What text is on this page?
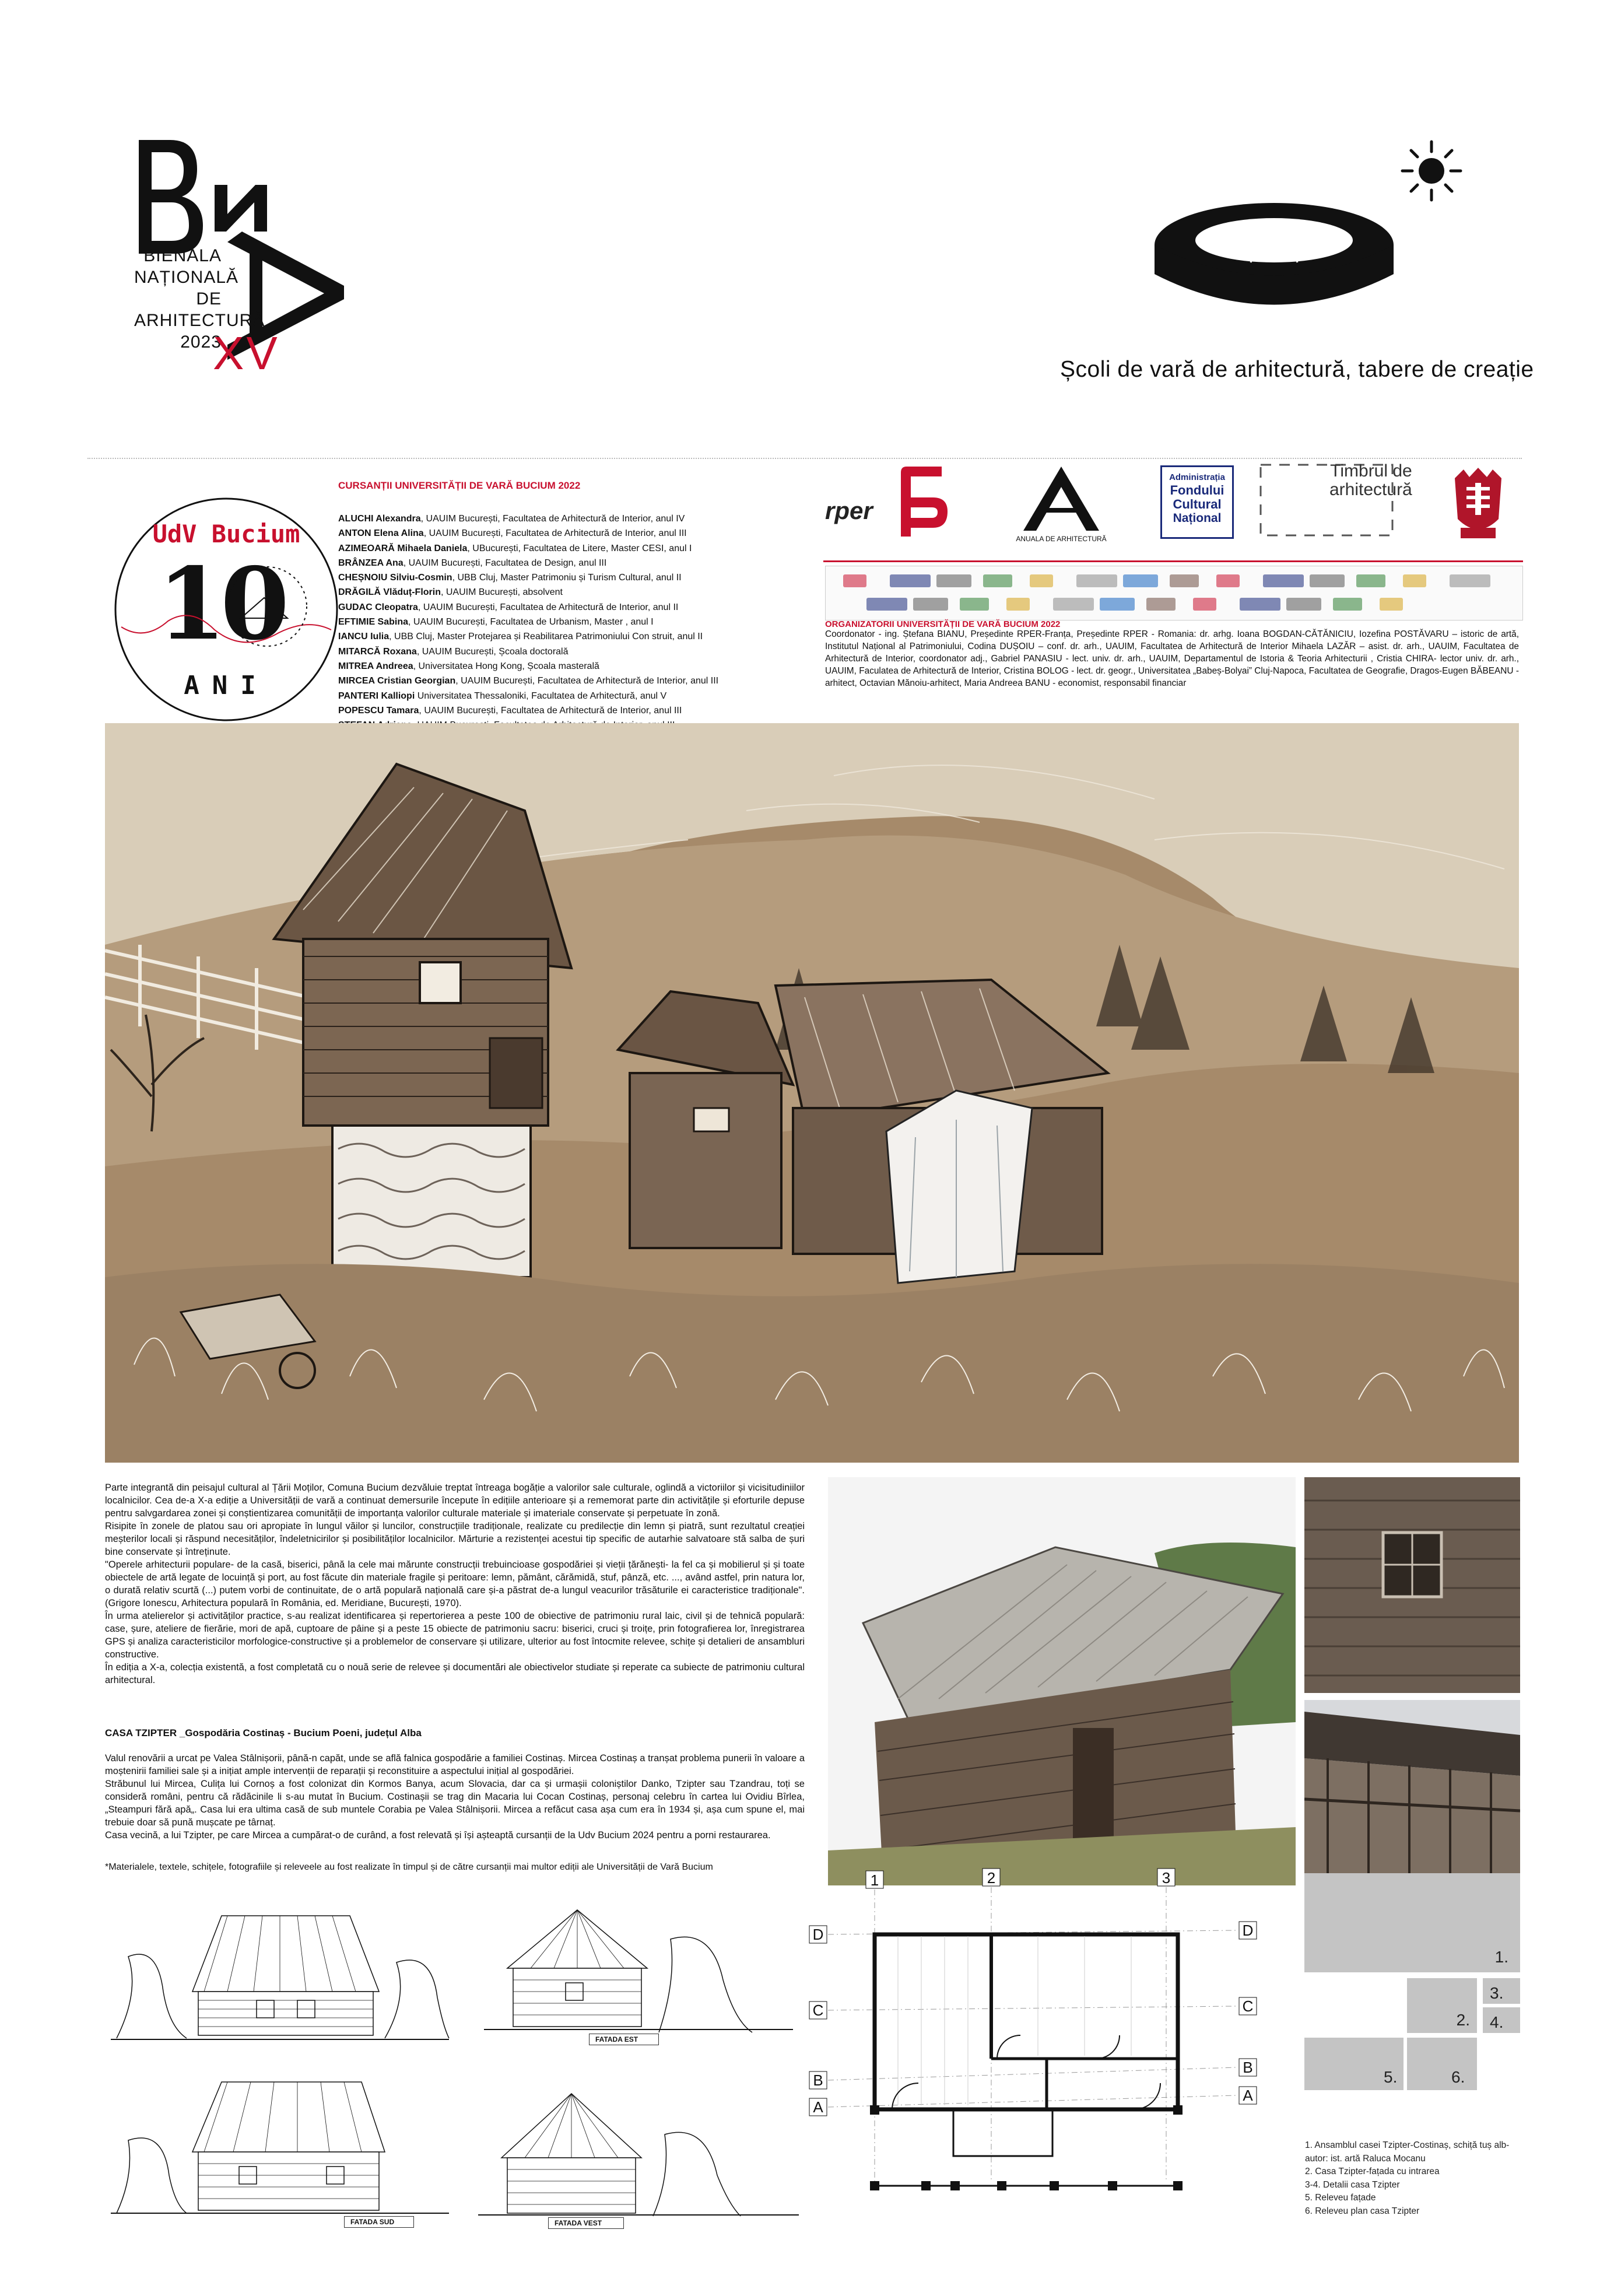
BIENALA
NAȚIONALĂ
DE
ARHITECTURĂ
2023
XV	Școli de vară de arhitectură, tabere de creație
UdV Bucium
10
ANI
CURSANȚII UNIVERSITĂȚII DE VARĂ BUCIUM 2022
ALUCHI Alexandra, UAUIM București, Facultatea de Arhitectură de Interior, anul IV
ANTON Elena Alina, UAUIM București, Facultatea de Arhitectură de Interior, anul III
AZIMEOARĂ Mihaela Daniela, UBucurești, Facultatea de Litere, Master CESI, anul I
BRÂNZEA Ana, UAUIM București, Facultatea de Design, anul III
CHEȘNOIU Silviu-Cosmin, UBB Cluj, Master Patrimoniu și Turism Cultural, anul II
DRĂGILĂ Vlăduț-Florin, UAUIM București, absolvent
GUDAC Cleopatra, UAUIM București, Facultatea de Arhitectură de Interior, anul II
EFTIMIE Sabina, UAUIM București, Facultatea de Urbanism, Master , anul I
IANCU Iulia, UBB Cluj, Master Protejarea și Reabilitarea Patrimoniului Con struit, anul II
MITARCĂ Roxana, UAUIM București, Școala doctorală
MITREA Andreea, Universitatea Hong Kong, Școala masterală
MIRCEA Cristian Georgian, UAUIM București, Facultatea de Arhitectură de Interior, anul III
PANTERI Kalliopi Universitatea Thessaloniki, Facultatea de Arhitectură, anul V
POPESCU Tamara, UAUIM București, Facultatea de Arhitectură de Interior, anul III
rper
ANUALA DE ARHITECTURĂ
Administrația
Fondului
Cultural
Național
Timbrul de
arhitectură
ORGANIZATORII UNIVERSITĂȚII DE VARĂ BUCIUM 2022
Coordonator - ing. Ștefana BIANU, Președinte RPER-Franța, Președinte RPER - Romania: dr. arhg. Ioana BOGDAN-CĂTĂNICIU, Iozefina POSTĂVARU – istoric de artă, Institutul Național al Patrimoniului, Codina DUȘOIU – conf. dr. arh., UAUIM, Facultatea de Arhitectură de Interior Mihaela LAZĂR – asist. dr. arh., UAUIM, Facultatea de Arhitectură de Interior, coordonator adj., Gabriel PANASIU - lect. univ. dr. arh., UAUIM, Departamentul de Istoria & Teoria Arhitecturii , Cristia CHIRA- lector univ. dr. arh., UAUIM, Faculatea de Arhitectură de Interior, Cristina BOLOG - lect. dr. geogr., Universitatea „Babeș-Bolyai” Cluj-Napoca, Facultatea de Geografie, Dragos-Eugen BĂBEANU - arhitect, Octavian Mănoiu-arhitect, Maria Andreea BANU - economist, responsabil financiar

Parte integrantă din peisajul cultural al Țării Moților, Comuna Bucium dezvăluie treptat întreaga bogăție a valorilor sale culturale, oglindă a victoriilor și vicisitudiniilor localnicilor. Cea de-a X-a ediție a Universității de vară a continuat demersurile începute în edițiile anterioare și a rememorat parte din activitățile și eforturile depuse pentru salvgardarea zonei și conștientizarea comunității de importanța valorilor culturale materiale și imateriale conservate și perpetuate în zonă.

Risipite în zonele de platou sau ori apropiate în lungul văilor și luncilor, construcțiile tradiționale, realizate cu predilecție din lemn și piatră, sunt rezultatul creației meșterilor locali și răspund necesităților, îndeletnicirilor și posibilităților localnicilor. Mărturie a rezistenței acestui tip specific de autarhie salvatoare stă salba de șuri bine conservate și întreținute.

"Operele arhitecturii populare- de la casă, biserici, până la cele mai mărunte construcții trebuincioase gospodăriei și vieții țărănești- la fel ca și mobilierul și și toate obiectele de artă legate de locuință și port, au fost făcute din materiale fragile și peritoare: lemn, pământ, cărămidă, stuf, pânză, etc. ..., având astfel, prin natura lor, o durată relativ scurtă (...) putem vorbi de continuitate, de o artă populară națională care și-a păstrat de-a lungul veacurilor trăsăturile ei caracteristice tradiționale". (Grigore Ionescu, Arhitectura populară în România, ed. Meridiane, București, 1970).

În urma atelierelor și activităților practice, s-au realizat identificarea și repertorierea a peste 100 de obiective de patrimoniu rural laic, civil și de tehnică populară: case, șure, ateliere de fierărie, mori de apă, cuptoare de pâine și a peste 15 obiecte de patrimoniu sacru: biserici, cruci și troițe, prin fotografierea lor, înregistrarea GPS și analiza caracteristicilor morfologice-constructive și a problemelor de conservare și utilizare, ulterior au fost întocmite relevee, schițe și detalieri de ansambluri constructive.

În ediția a X-a, colecția existentă, a fost completată cu o nouă serie de relevee și documentări ale obiectivelor studiate și reperate ca subiecte de patrimoniu cultural arhitectural.

CASA TZIPTER _Gospodăria Costinaș - Bucium Poeni, județul Alba

Valul renovării a urcat pe Valea Stâlnișorii, până-n capăt, unde se află falnica gospodărie a familiei Costinaș. Mircea Costinaș a tranșat problema punerii în valoare a moștenirii familiei sale și a inițiat ample intervenții de reparații și reconstituire a aspectului inițial al gospodăriei.

Străbunul lui Mircea, Culița lui Cornoș a fost colonizat din Kormos Banya, acum Slovacia, dar ca și urmașii coloniștilor Danko, Tzipter sau Tzandrau, toți se consideră români, pentru că rădăcinile li s-au mutat în Bucium. Costinașii se trag din Macaria lui Cocan Costinaș, personaj celebru în cartea lui Ovidiu Bîrlea, „Steampuri fără apă„. Casa lui era ultima casă de sub muntele Corabia pe Valea Stâlnișorii. Mircea a refăcut casa așa cum era în 1934 și, așa cum spune el, mai trebuie doar să pună mușcate pe târnaț.

Casa vecină, a lui Tzipter, pe care Mircea a cumpărat-o de curând, a fost relevată și își așteaptă cursanții de la Udv Bucium 2024 pentru a porni restaurarea.

*Materialele, textele, schițele, fotografiile și releveele au fost realizate în timpul și de către cursanții mai multor ediții ale Universității de Vară Bucium
FATADA EST
FATADA SUD	FATADA VEST
1	2	3
D	D
C	C
B
B
A
A
1.
2.
3.
4.
5.	6.
1. Ansamblul casei Tzipter-Costinaș, schiță tuș alb-
autor: ist. artă Raluca Mocanu
2. Casa Tzipter-fațada cu intrarea
3-4. Detalii casa Tzipter
5. Releveu fațade
6. Releveu plan casa Tzipter
